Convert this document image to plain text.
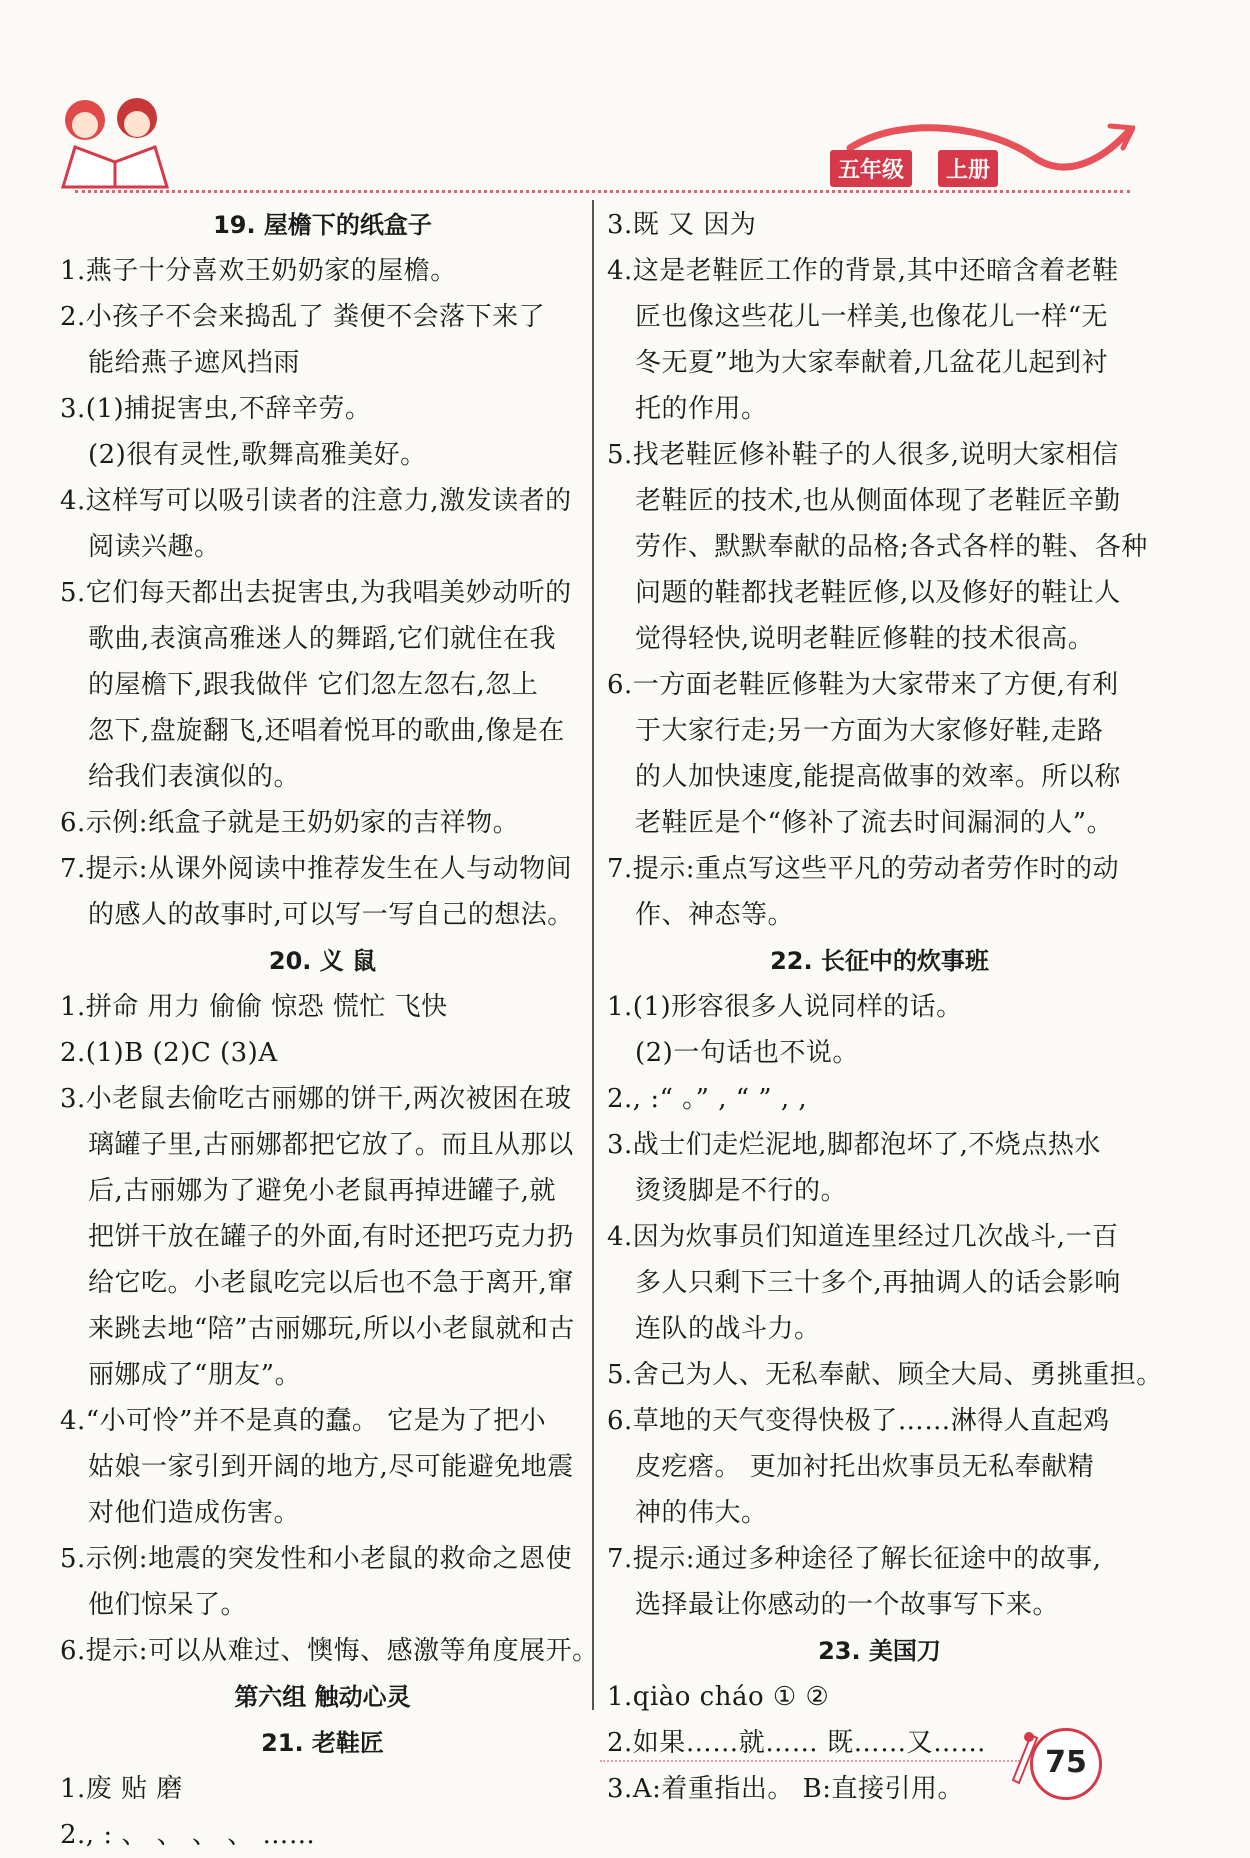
五年级	上册
19. 屋檐下的纸盒子
1.燕子十分喜欢王奶奶家的屋檐。
2.小孩子不会来捣乱了 粪便不会落下来了
能给燕子遮风挡雨
3.(1)捕捉害虫,不辞辛劳。
(2)很有灵性,歌舞高雅美好。
4.这样写可以吸引读者的注意力,激发读者的
阅读兴趣。
5.它们每天都出去捉害虫,为我唱美妙动听的
歌曲,表演高雅迷人的舞蹈,它们就住在我
的屋檐下,跟我做伴 它们忽左忽右,忽上
忽下,盘旋翻飞,还唱着悦耳的歌曲,像是在
给我们表演似的。
6.示例:纸盒子就是王奶奶家的吉祥物。
7.提示:从课外阅读中推荐发生在人与动物间
的感人的故事时,可以写一写自己的想法。
20. 义 鼠
1.拼命 用力 偷偷 惊恐 慌忙 飞快
2.(1)B (2)C (3)A
3.小老鼠去偷吃古丽娜的饼干,两次被困在玻
璃罐子里,古丽娜都把它放了。而且从那以
后,古丽娜为了避免小老鼠再掉进罐子,就
把饼干放在罐子的外面,有时还把巧克力扔
给它吃。小老鼠吃完以后也不急于离开,窜
来跳去地“陪”古丽娜玩,所以小老鼠就和古
丽娜成了“朋友”。
4.“小可怜”并不是真的蠢。 它是为了把小
姑娘一家引到开阔的地方,尽可能避免地震
对他们造成伤害。
5.示例:地震的突发性和小老鼠的救命之恩使
他们惊呆了。
6.提示:可以从难过、懊悔、感激等角度展开。
第六组 触动心灵
21. 老鞋匠
1.废 贴 磨
2., : 、 、 、 、 ……
3.既 又 因为
4.这是老鞋匠工作的背景,其中还暗含着老鞋
匠也像这些花儿一样美,也像花儿一样“无
冬无夏”地为大家奉献着,几盆花儿起到衬
托的作用。
5.找老鞋匠修补鞋子的人很多,说明大家相信
老鞋匠的技术,也从侧面体现了老鞋匠辛勤
劳作、默默奉献的品格;各式各样的鞋、各种
问题的鞋都找老鞋匠修,以及修好的鞋让人
觉得轻快,说明老鞋匠修鞋的技术很高。
6.一方面老鞋匠修鞋为大家带来了方便,有利
于大家行走;另一方面为大家修好鞋,走路
的人加快速度,能提高做事的效率。所以称
老鞋匠是个“修补了流去时间漏洞的人”。
7.提示:重点写这些平凡的劳动者劳作时的动
作、神态等。
22. 长征中的炊事班
1.(1)形容很多人说同样的话。
(2)一句话也不说。
2., :“ 。” , “ ” , ,
3.战士们走烂泥地,脚都泡坏了,不烧点热水
烫烫脚是不行的。
4.因为炊事员们知道连里经过几次战斗,一百
多人只剩下三十多个,再抽调人的话会影响
连队的战斗力。
5.舍己为人、无私奉献、顾全大局、勇挑重担。
6.草地的天气变得快极了……淋得人直起鸡
皮疙瘩。 更加衬托出炊事员无私奉献精
神的伟大。
7.提示:通过多种途径了解长征途中的故事,
选择最让你感动的一个故事写下来。
23. 美国刀
1.qiào cháo ① ②
2.如果……就…… 既……又……
3.A:着重指出。 B:直接引用。
75
